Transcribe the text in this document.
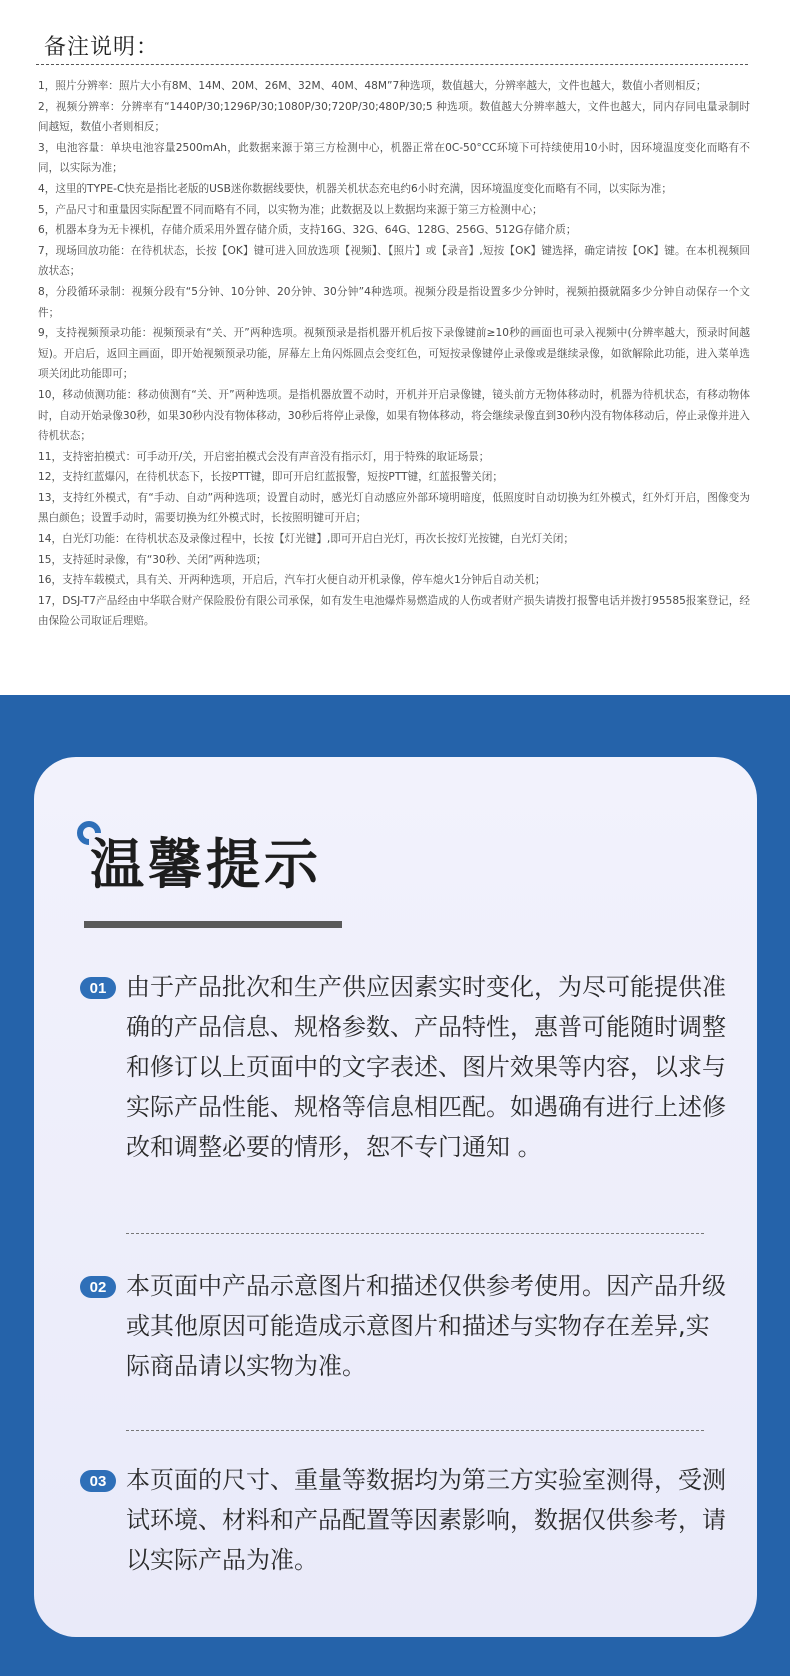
备注说明：
1，照片分辨率：照片大小有8M、14M、20M、26M、32M、40M、48M”7种选项，数值越大，分辨率越大，文件也越大，数值小者则相反；
2，视频分辨率：分辨率有“1440P/30;1296P/30;1080P/30;720P/30;480P/30;5 种选项。数值越大分辨率越大，文件也越大，同内存同电量录制时间越短，数值小者则相反；
3，电池容量：单块电池容量2500mAh，此数据来源于第三方检测中心，机器正常在0C-50°CC环境下可持续使用10小时，因环境温度变化而略有不同，以实际为准；
4，这里的TYPE-C快充是指比老版的USB迷你数据线要快，机器关机状态充电约6小时充满，因环境温度变化而略有不同，以实际为准；
5，产品尺寸和重量因实际配置不同而略有不同，以实物为准；此数据及以上数据均来源于第三方检测中心；
6，机器本身为无卡裸机，存储介质采用外置存储介质，支持16G、32G、64G、128G、256G、512G存储介质；
7，现场回放功能：在待机状态，长按【OK】键可进入回放选项【视频】、【照片】或【录音】,短按【OK】键选择，确定请按【OK】键。在本机视频回放状态；
8，分段循环录制：视频分段有“5分钟、10分钟、20分钟、30分钟”4种选项。视频分段是指设置多少分钟时，视频拍摄就隔多少分钟自动保存一个文件；
9，支持视频预录功能：视频预录有“关、开”两种选项。视频预录是指机器开机后按下录像键前≥10秒的画面也可录入视频中(分辨率越大，预录时间越短)。开启后，返回主画面，即开始视频预录功能，屏幕左上角闪烁圆点会变红色，可短按录像键停止录像或是继续录像，如欲解除此功能，进入菜单选项关闭此功能即可；
10，移动侦测功能：移动侦测有“关、开”两种选项。是指机器放置不动时，开机并开启录像键，镜头前方无物体移动时，机器为待机状态，有移动物体时，自动开始录像30秒，如果30秒内没有物体移动，30秒后将停止录像，如果有物体移动，将会继续录像直到30秒内没有物体移动后，停止录像并进入待机状态；
11，支持密拍模式：可手动开/关，开启密拍模式会没有声音没有指示灯，用于特殊的取证场景；
12，支持红蓝爆闪，在待机状态下，长按PTT键，即可开启红蓝报警，短按PTT键，红蓝报警关闭；
13，支持红外模式，有“手动、自动”两种选项；设置自动时，感光灯自动感应外部环境明暗度，低照度时自动切换为红外模式，红外灯开启，图像变为黑白颜色；设置手动时，需要切换为红外模式时，长按照明键可开启；
14，白光灯功能：在待机状态及录像过程中，长按【灯光键】,即可开启白光灯，再次长按灯光按键，白光灯关闭；
15，支持延时录像，有“30秒、关闭”两种选项；
16，支持车载模式，具有关、开两种选项，开启后，汽车打火便自动开机录像，停车熄火1分钟后自动关机；
17，DSJ-T7产品经由中华联合财产保险股份有限公司承保，如有发生电池爆炸易燃造成的人伤或者财产损失请拨打报警电话并拨打95585报案登记，经由保险公司取证后理赔。
温馨提示
01 由于产品批次和生产供应因素实时变化，为尽可能提供准确的产品信息、规格参数、产品特性，惠普可能随时调整和修订以上页面中的文字表述、图片效果等内容，以求与实际产品性能、规格等信息相匹配。如遇确有进行上述修改和调整必要的情形，恕不专门通知 。
02 本页面中产品示意图片和描述仅供参考使用。因产品升级或其他原因可能造成示意图片和描述与实物存在差异,实际商品请以实物为准。
03 本页面的尺寸、重量等数据均为第三方实验室测得，受测试环境、材料和产品配置等因素影响，数据仅供参考，请以实际产品为准。
